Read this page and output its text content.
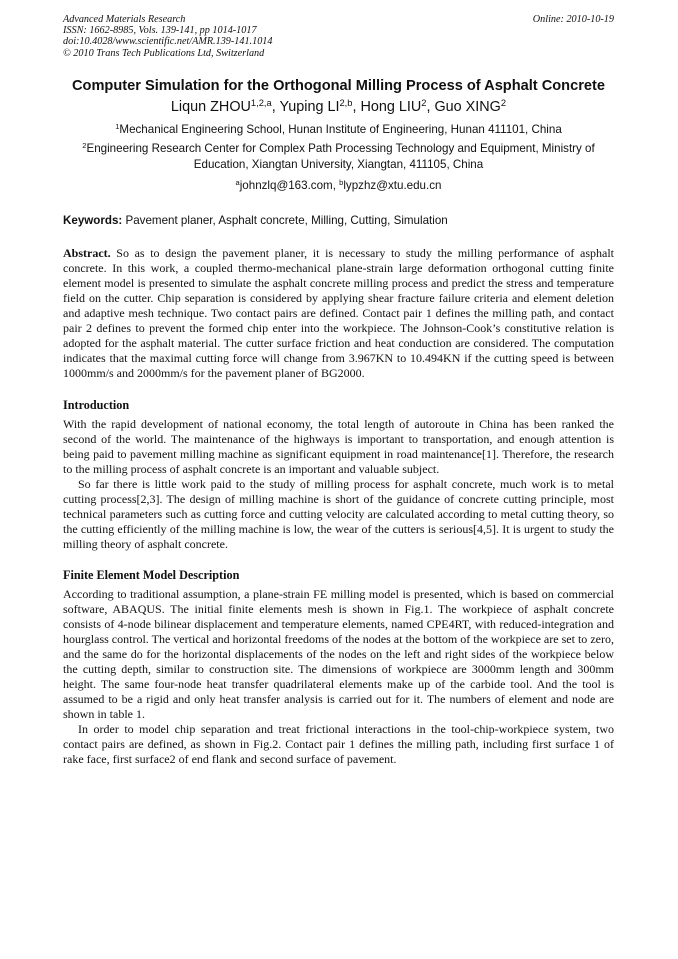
Advanced Materials Research
ISSN: 1662-8985, Vols. 139-141, pp 1014-1017
doi:10.4028/www.scientific.net/AMR.139-141.1014
© 2010 Trans Tech Publications Ltd, Switzerland
Online: 2010-10-19
Computer Simulation for the Orthogonal Milling Process of Asphalt Concrete
Liqun ZHOU$^{1,2,a}$, Yuping LI$^{2,b}$, Hong LIU$^2$, Guo XING$^2$
$^1$Mechanical Engineering School, Hunan Institute of Engineering, Hunan 411101, China
$^2$Engineering Research Center for Complex Path Processing Technology and Equipment, Ministry of Education, Xiangtan University, Xiangtan, 411105, China
$^a$johnzlq@163.com, $^b$lypzhz@xtu.edu.cn
Keywords: Pavement planer, Asphalt concrete, Milling, Cutting, Simulation
Abstract. So as to design the pavement planer, it is necessary to study the milling performance of asphalt concrete. In this work, a coupled thermo-mechanical plane-strain large deformation orthogonal cutting finite element model is presented to simulate the asphalt concrete milling process and predict the stress and temperature field on the cutter. Chip separation is considered by applying shear fracture failure criteria and element deletion and adaptive mesh technique. Two contact pairs are defined. Contact pair 1 defines the milling path, and contact pair 2 defines to prevent the formed chip enter into the workpiece. The Johnson-Cook’s constitutive relation is adopted for the asphalt material. The cutter surface friction and heat conduction are considered. The computation indicates that the maximal cutting force will change from 3.967KN to 10.494KN if the cutting speed is between 1000mm/s and 2000mm/s for the pavement planer of BG2000.
Introduction

With the rapid development of national economy, the total length of autoroute in China has been ranked the second of the world. The maintenance of the highways is important to transportation, and enough attention is being paid to pavement milling machine as significant equipment in road maintenance[1]. Therefore, the research to the milling process of asphalt concrete is an important and valuable subject.

So far there is little work paid to the study of milling process for asphalt concrete, much work is to metal cutting process[2,3]. The design of milling machine is short of the guidance of concrete cutting principle, most technical parameters such as cutting force and cutting velocity are calculated according to metal cutting theory, so the cutting efficiently of the milling machine is low, the wear of the cutters is serious[4,5]. It is urgent to study the milling theory of asphalt concrete.

Finite Element Model Description

According to traditional assumption, a plane-strain FE milling model is presented, which is based on commercial software, ABAQUS. The initial finite elements mesh is shown in Fig.1. The workpiece of asphalt concrete consists of 4-node bilinear displacement and temperature elements, named CPE4RT, with reduced-integration and hourglass control. The vertical and horizontal freedoms of the nodes at the bottom of the workpiece are set to zero, and the same do for the horizontal displacements of the nodes on the left and right sides of the workpiece below the cutting depth, similar to construction site. The dimensions of workpiece are 3000mm length and 300mm height. The same four-node heat transfer quadrilateral elements make up of the carbide tool. And the tool is assumed to be a rigid and only heat transfer analysis is carried out for it. The numbers of element and node are shown in table 1.

In order to model chip separation and treat frictional interactions in the tool-chip-workpiece system, two contact pairs are defined, as shown in Fig.2. Contact pair 1 defines the milling path, including first surface 1 of rake face, first surface2 of end flank and second surface of pavement.
